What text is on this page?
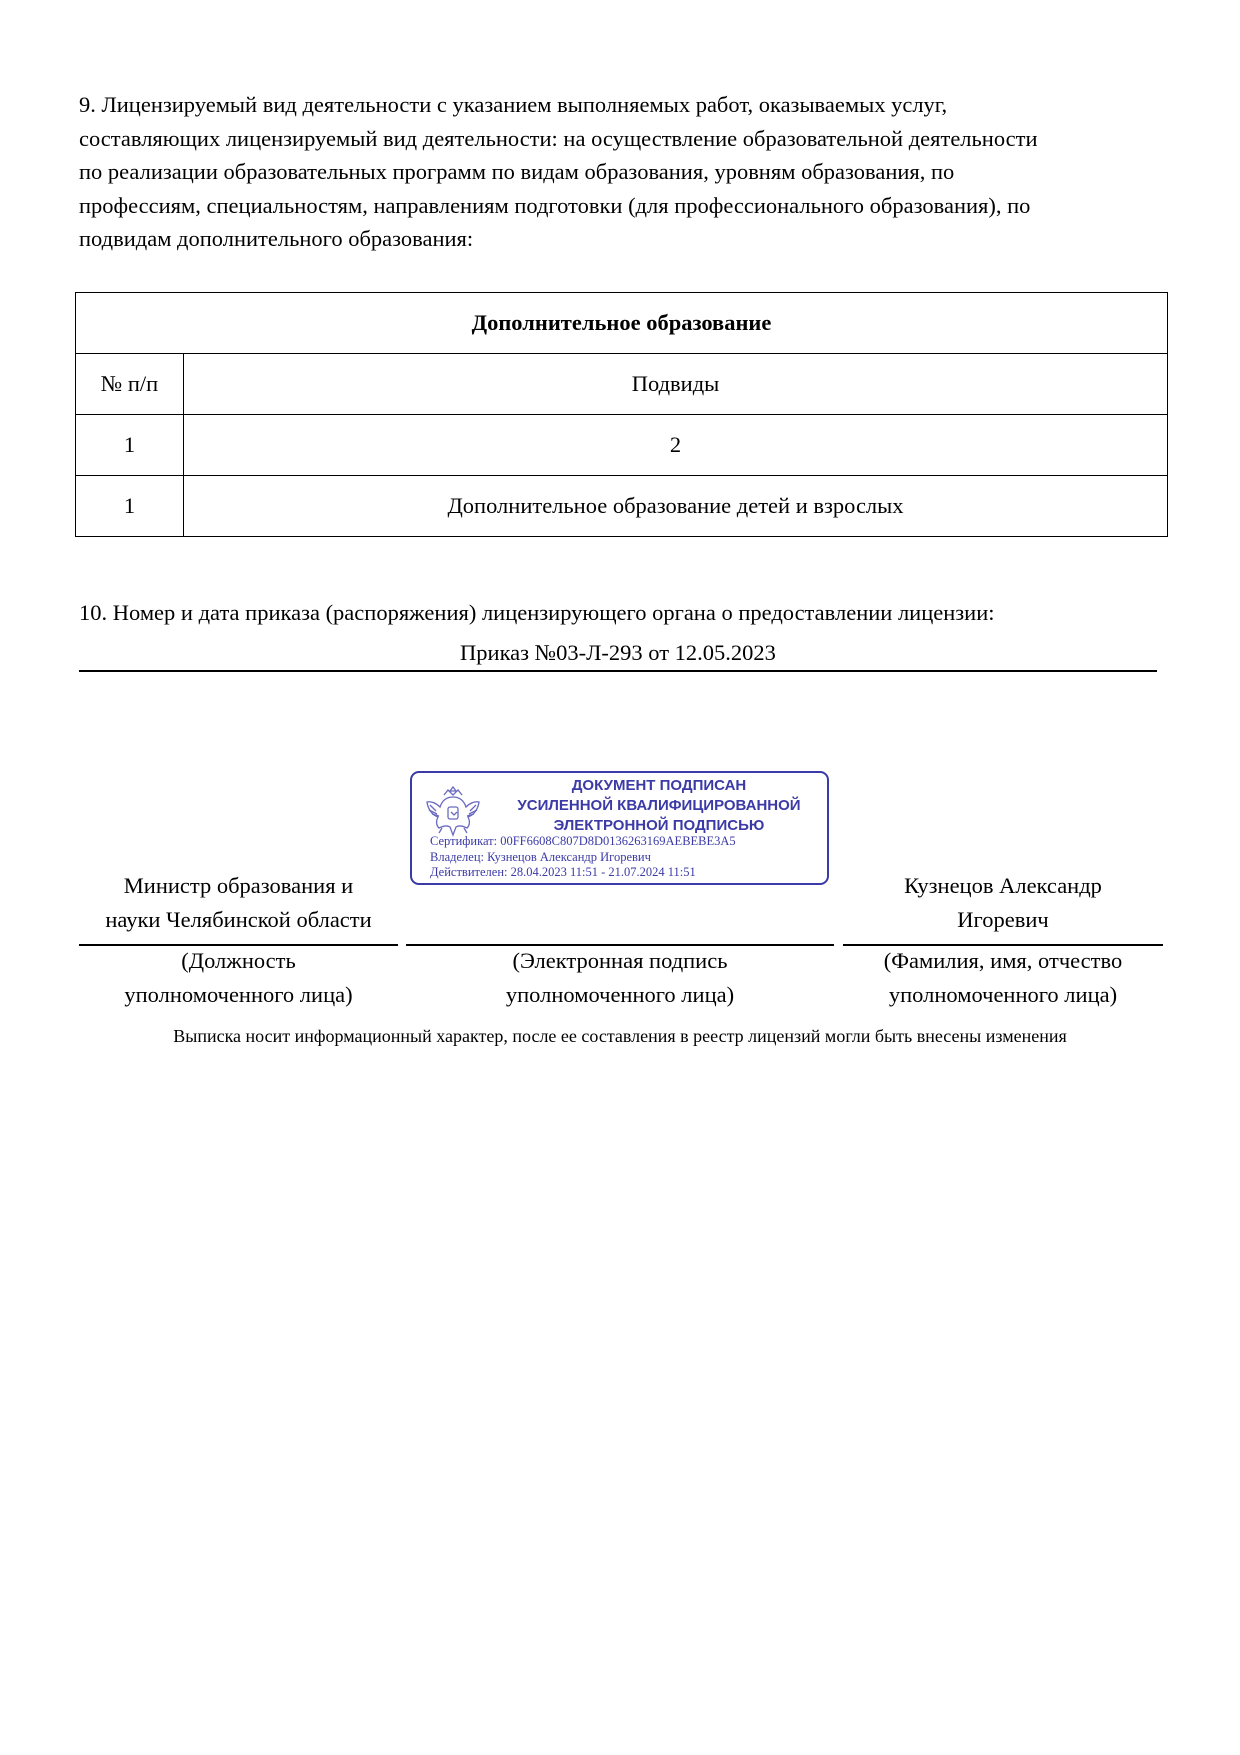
9. Лицензируемый вид деятельности с указанием выполняемых работ, оказываемых услуг,
составляющих лицензируемый вид деятельности: на осуществление образовательной деятельности
по реализации образовательных программ по видам образования, уровням образования, по
профессиям, специальностям, направлениям подготовки (для профессионального образования), по
подвидам дополнительного образования:
Дополнительное образование	
№ п/п	Подвиды
1	2
1	Дополнительное образование детей и взрослых
10. Номер и дата приказа (распоряжения) лицензирующего органа о предоставлении лицензии:
Приказ №03-Л-293 от 12.05.2023
ДОКУМЕНТ ПОДПИСАН
УСИЛЕННОЙ КВАЛИФИЦИРОВАННОЙ
ЭЛЕКТРОННОЙ ПОДПИСЬЮ
Сертификат: 00FF6608C807D8D0136263169AEBEBE3A5
Владелец: Кузнецов Александр Игоревич
Действителен: 28.04.2023 11:51 - 21.07.2024 11:51
Министр образования и
науки Челябинской области
Кузнецов Александр
Игоревич
(Должность
уполномоченного лица)
(Электронная подпись
уполномоченного лица)
(Фамилия, имя, отчество
уполномоченного лица)
Выписка носит информационный характер, после ее составления в реестр лицензий могли быть внесены изменения
